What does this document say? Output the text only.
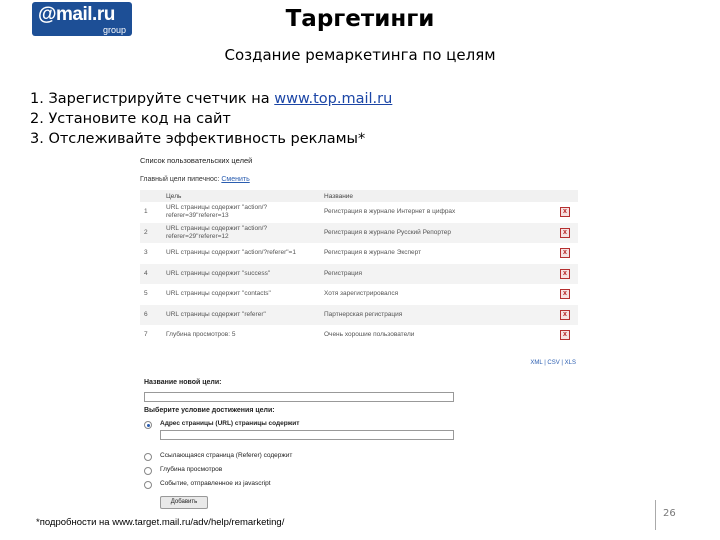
@mail.ru
group	Таргетинги
Создание ремаркетинга по целям
1. Зарегистрируйте счетчик на www.top.mail.ru
2. Установите код на сайт
3. Отслеживайте эффективность рекламы*
Список пользовательских целей
Главный цели пипечнос: Сменить
	Цель	Название	
1	URL страницы содержит "action/?referer=39"referer=13	Регистрация в журнале Интернет в цифрах	x
2	URL страницы содержит "action/?referer=29"referer=12	Регистрация в журнале Русский Репортер	x
3	URL страницы содержит "action/?referer"=1	Регистрация в журнале Эксперт	x
4	URL страницы содержит "success"	Регистрация	x
5	URL страницы содержит "contacts"	Хотя зарегистрировался	x
6	URL страницы содержит "referer"	Партнерская регистрация	x
7	Глубина просмотров: 5	Очень хорошие пользователи	x
XML | CSV | XLS
Название новой цели:
Выберите условие достижения цели:
Адрес страницы (URL) страницы содержит
Ссылающаяся страница (Referer) содержит
Глубина просмотров
Событие, отправленное из javascript
Добавить
*подробности на www.target.mail.ru/adv/help/remarketing/
26
